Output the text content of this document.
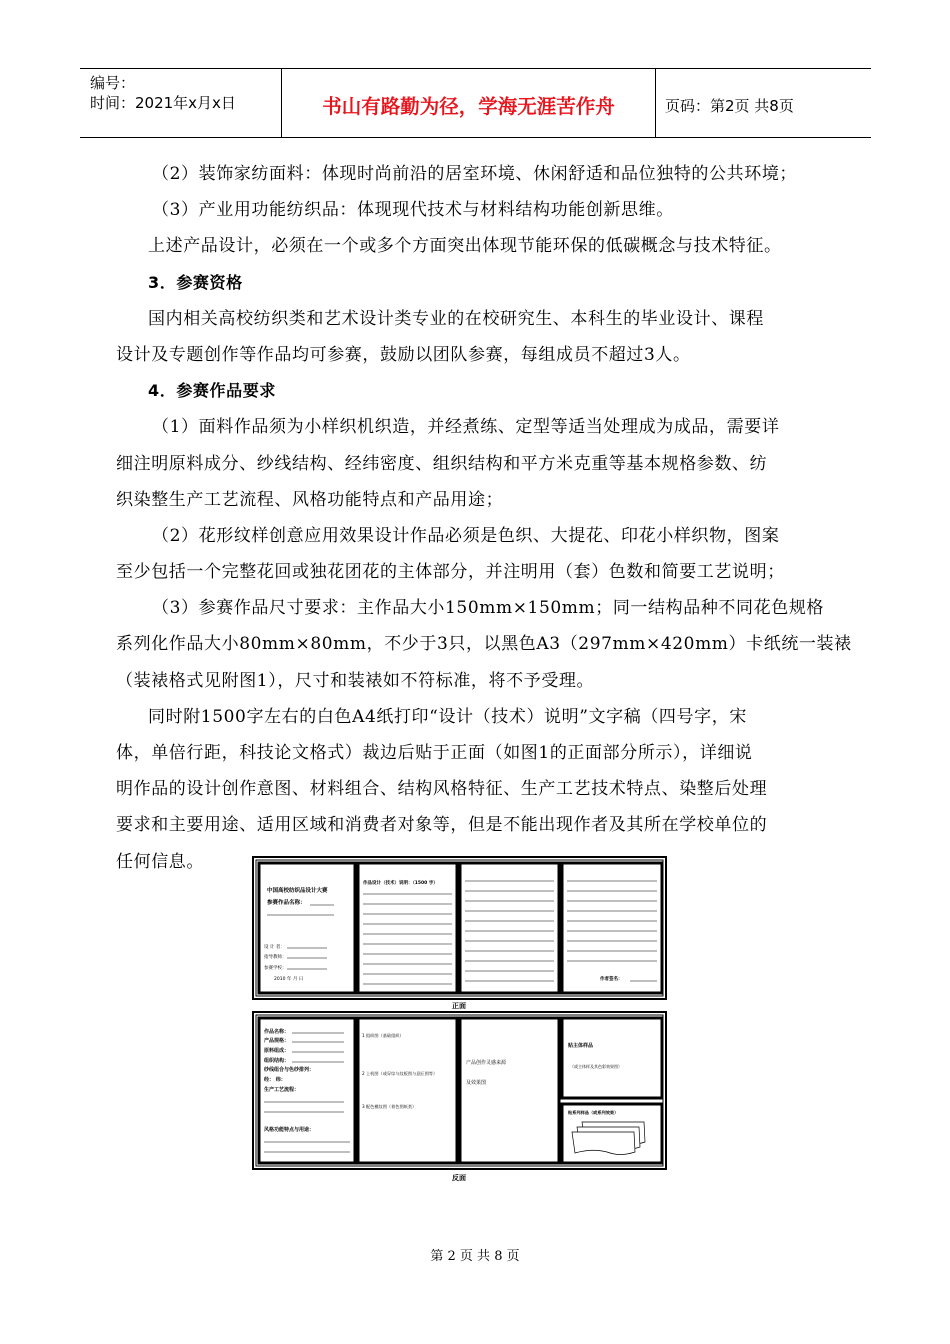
编号：
时间：2021年x月x日	书山有路勤为径，学海无涯苦作舟	页码：第2页 共8页
（2）装饰家纺面料：体现时尚前沿的居室环境、休闲舒适和品位独特的公共环境；
（3）产业用功能纺织品：体现现代技术与材料结构功能创新思维。
上述产品设计，必须在一个或多个方面突出体现节能环保的低碳概念与技术特征。
3．参赛资格
国内相关高校纺织类和艺术设计类专业的在校研究生、本科生的毕业设计、课程
设计及专题创作等作品均可参赛，鼓励以团队参赛，每组成员不超过3人。
4．参赛作品要求
（1）面料作品须为小样织机织造，并经煮练、定型等适当处理成为成品，需要详
细注明原料成分、纱线结构、经纬密度、组织结构和平方米克重等基本规格参数、纺
织染整生产工艺流程、风格功能特点和产品用途；
（2）花形纹样创意应用效果设计作品必须是色织、大提花、印花小样织物，图案
至少包括一个完整花回或独花团花的主体部分，并注明用（套）色数和简要工艺说明；
（3）参赛作品尺寸要求：主作品大小150mm×150mm；同一结构品种不同花色规格
系列化作品大小80mm×80mm，不少于3只，以黑色A3（297mm×420mm）卡纸统一装裱
（装裱格式见附图1），尺寸和装裱如不符标准，将不予受理。
同时附1500字左右的白色A4纸打印“设计（技术）说明”文字稿（四号字，宋
体，单倍行距，科技论文格式）裁边后贴于正面（如图1的正面部分所示），详细说
明作品的设计创作意图、材料组合、结构风格特征、生产工艺技术特点、染整后处理
要求和主要用途、适用区域和消费者对象等，但是不能出现作者及其所在学校单位的
任何信息。
中国高校纺织品设计大赛
参赛作品名称：
设 计 者：
指导教师：
参赛学校：
2010 年 月 日
作品设计（技术）说明：（1500 字）
作者签名：
正面
作品名称：
产品规格：
原料组成：
组织结构：
纱线组合与色纱排列：
经： 纬：
生产工艺流程：
风格功能特点与用途：
1 组织图（基础组织）
2 上机图（或穿综与纹板图与意匠图等）
3 配色模纹图（着色图纸类）
产品创作灵感来源
及效果图
贴主体样品
（或主体样及其色彩效果图）
贴系列样品（或系列效果）
反面
第 2 页 共 8 页
